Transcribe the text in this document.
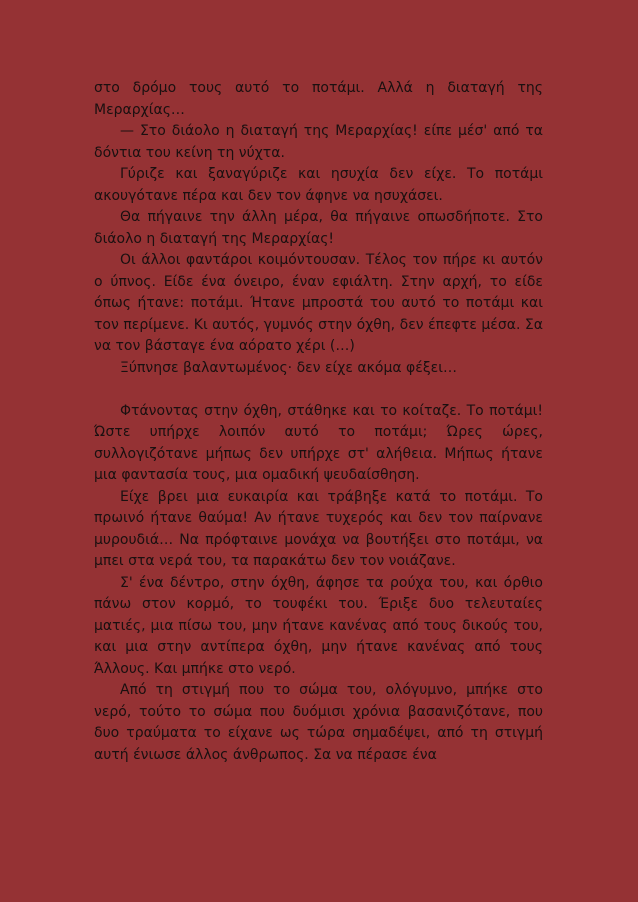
στο δρόμο τους αυτό το ποτάμι. Αλλά η διαταγή της Μεραρχίας…

— Στο διάολο η διαταγή της Μεραρχίας! είπε μέσ' από τα δόντια του κείνη τη νύχτα.

Γύριζε και ξαναγύριζε και ησυχία δεν είχε. Το ποτάμι ακουγότανε πέρα και δεν τον άφηνε να ησυχάσει.

Θα πήγαινε την άλλη μέρα, θα πήγαινε οπωσδήποτε. Στο διάολο η διαταγή της Μεραρχίας!

Οι άλλοι φαντάροι κοιμόντουσαν. Τέλος τον πήρε κι αυτόν ο ύπνος. Είδε ένα όνειρο, έναν εφιάλτη. Στην αρχή, το είδε όπως ήτανε: ποτάμι. Ήτανε μπροστά του αυτό το ποτάμι και τον περίμενε. Κι αυτός, γυμνός στην όχθη, δεν έπεφτε μέσα. Σα να τον βάσταγε ένα αόρατο χέρι (…)

Ξύπνησε βαλαντωμένος· δεν είχε ακόμα φέξει…

Φτάνοντας στην όχθη, στάθηκε και το κοίταζε. Το ποτάμι! Ώστε υπήρχε λοιπόν αυτό το ποτάμι; Ώρες ώρες, συλλογιζότανε μήπως δεν υπήρχε στ' αλήθεια. Μήπως ήτανε μια φαντασία τους, μια ομαδική ψευδαίσθηση.

Είχε βρει μια ευκαιρία και τράβηξε κατά το ποτάμι. Το πρωινό ήτανε θαύμα! Αν ήτανε τυχερός και δεν τον παίρνανε μυρουδιά… Να πρόφταινε μονάχα να βουτήξει στο ποτάμι, να μπει στα νερά του, τα παρακάτω δεν τον νοιάζανε.

Σ' ένα δέντρο, στην όχθη, άφησε τα ρούχα του, και όρθιο πάνω στον κορμό, το τουφέκι του. Έριξε δυο τελευταίες ματιές, μια πίσω του, μην ήτανε κανένας από τους δικούς του, και μια στην αντίπερα όχθη, μην ήτανε κανένας από τους Άλλους. Και μπήκε στο νερό.

Από τη στιγμή που το σώμα του, ολόγυμνο, μπήκε στο νερό, τούτο το σώμα που δυόμισι χρόνια βασανιζότανε, που δυο τραύματα το είχανε ως τώρα σημαδέψει, από τη στιγμή αυτή ένιωσε άλλος άνθρωπος. Σα να πέρασε ένα
